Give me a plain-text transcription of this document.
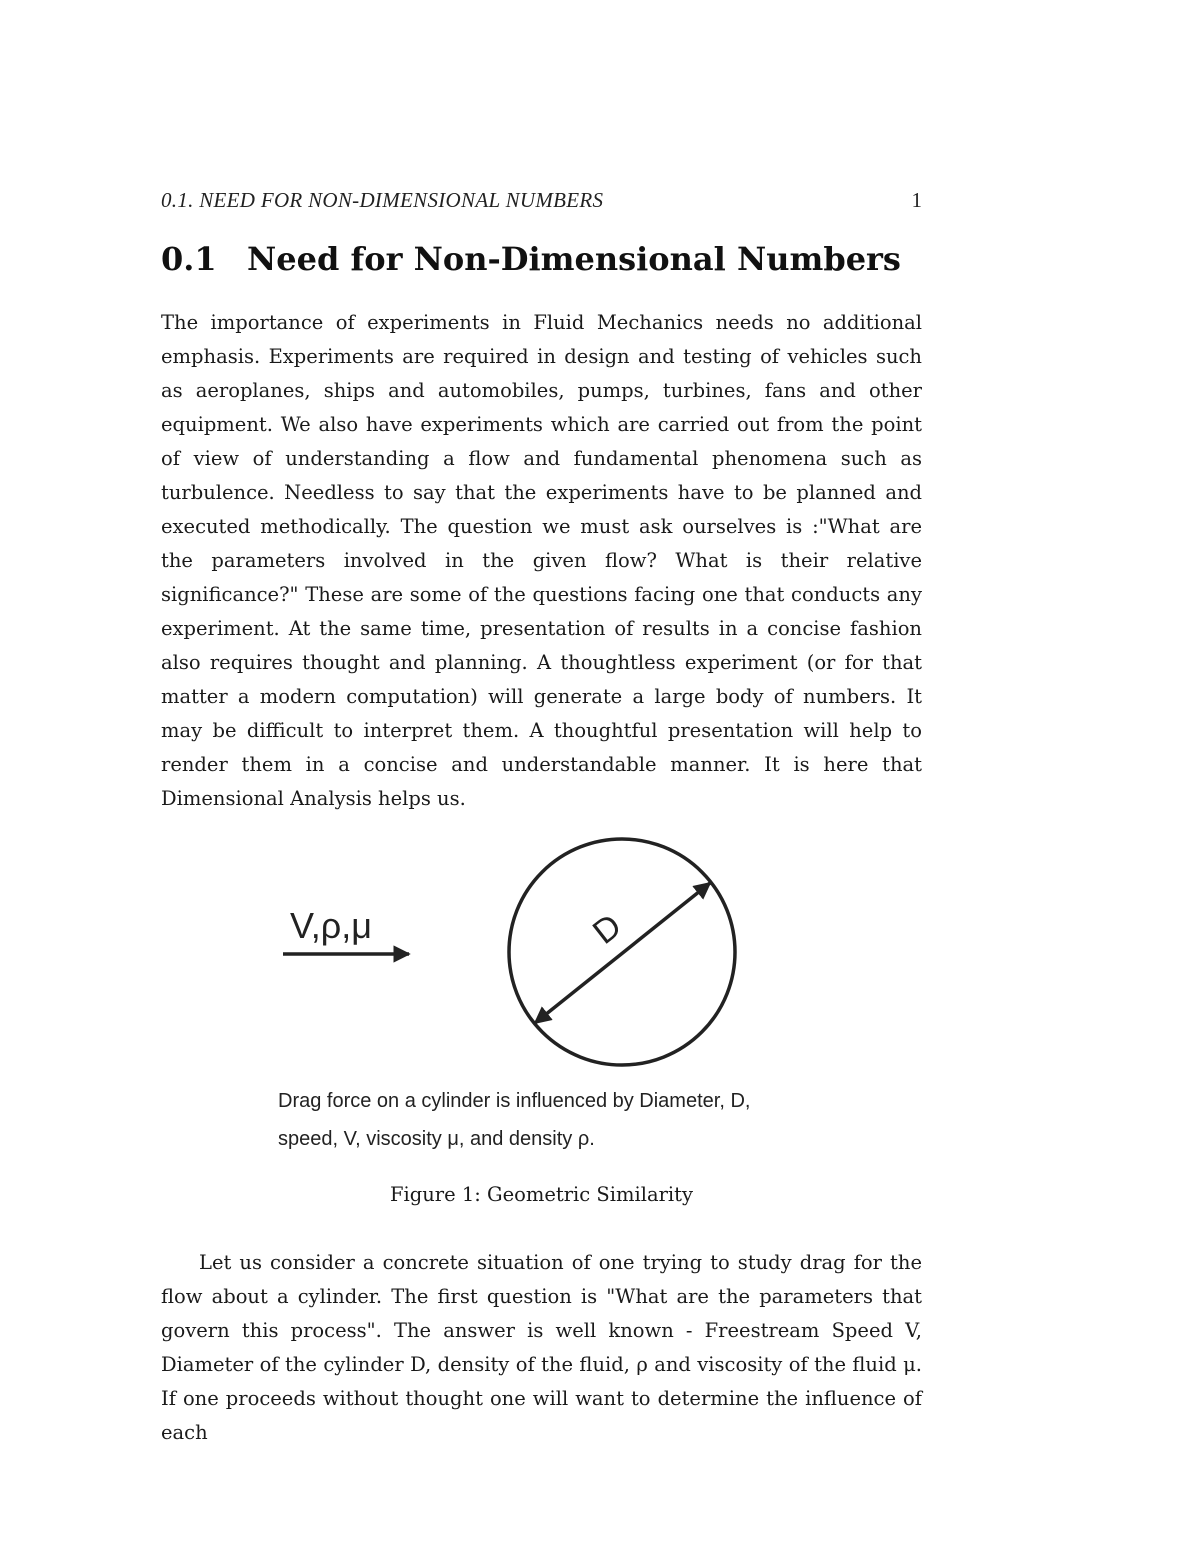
0.1. NEED FOR NON-DIMENSIONAL NUMBERS	1
0.1 Need for Non-Dimensional Numbers

The importance of experiments in Fluid Mechanics needs no additional emphasis. Experiments are required in design and testing of vehicles such as aeroplanes, ships and automobiles, pumps, turbines, fans and other equipment. We also have experiments which are carried out from the point of view of understanding a flow and fundamental phenomena such as turbulence. Needless to say that the experiments have to be planned and executed methodically. The question we must ask ourselves is :"What are the parameters involved in the given flow? What is their relative significance?" These are some of the questions facing one that conducts any experiment. At the same time, presentation of results in a concise fashion also requires thought and planning. A thoughtless experiment (or for that matter a modern computation) will generate a large body of numbers. It may be difficult to interpret them. A thoughtful presentation will help to render them in a concise and understandable manner. It is here that Dimensional Analysis helps us.

V,ρ,μ	D
Drag force on a cylinder is influenced by Diameter, D,
speed, V, viscosity μ, and density ρ.
Figure 1: Geometric Similarity

Let us consider a concrete situation of one trying to study drag for the flow about a cylinder. The first question is "What are the parameters that govern this process". The answer is well known - Freestream Speed V, Diameter of the cylinder D, density of the fluid, ρ and viscosity of the fluid μ. If one proceeds without thought one will want to determine the influence of each
